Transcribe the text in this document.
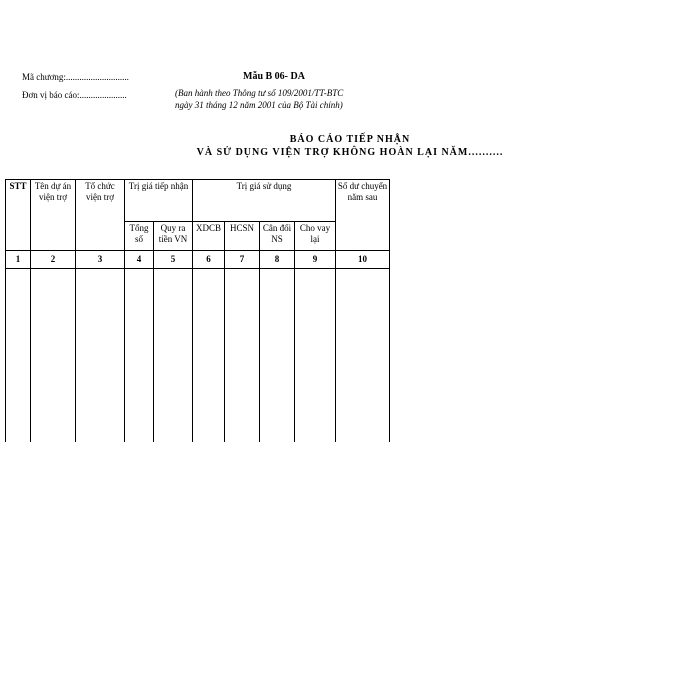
Mã chương:............................
Đơn vị báo cáo:.....................
Mẫu B 06- DA
(Ban hành theo Thông tư số 109/2001/TT-BTC
ngày 31 tháng 12 năm 2001 của Bộ Tài chính)
BÁO CÁO TIẾP NHẬN
VÀ SỬ DỤNG VIỆN TRỢ KHÔNG HOÀN LẠI NĂM..........
STT	Tên dự án viện trợ	Tổ chức viện trợ	Trị giá tiếp nhận		Trị giá sử dụng				Số dư chuyển năm sau
			Tổng số	Quy ra tiền VN	XDCB	HCSN	Cân đối NS	Cho vay lại	
1	2	3	4	5	6	7	8	9	10
